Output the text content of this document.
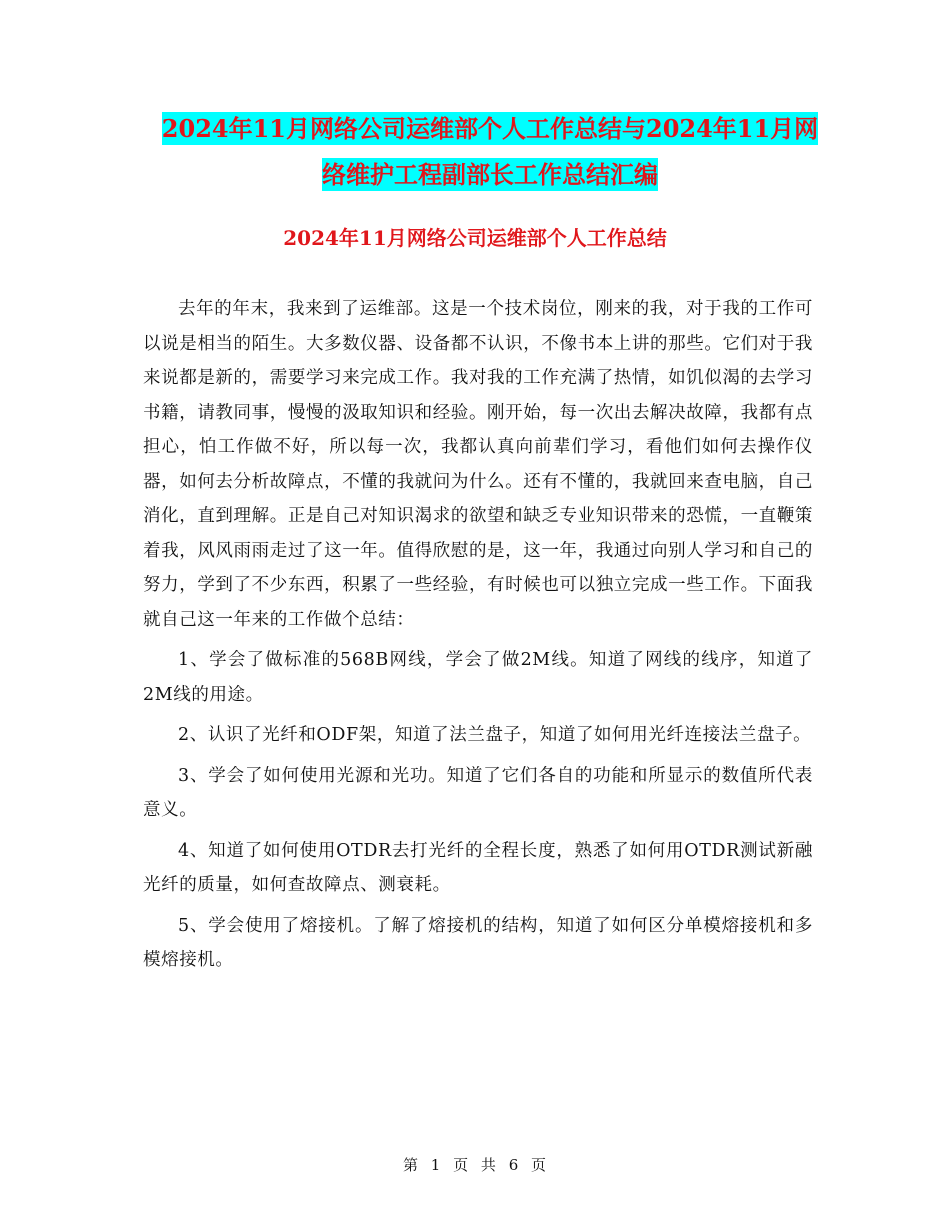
2024年11月网络公司运维部个人工作总结与2024年11月网络维护工程副部长工作总结汇编
2024年11月网络公司运维部个人工作总结

去年的年末，我来到了运维部。这是一个技术岗位，刚来的我，对于我的工作可以说是相当的陌生。大多数仪器、设备都不认识，不像书本上讲的那些。它们对于我来说都是新的，需要学习来完成工作。我对我的工作充满了热情，如饥似渴的去学习书籍，请教同事，慢慢的汲取知识和经验。刚开始，每一次出去解决故障，我都有点担心，怕工作做不好，所以每一次，我都认真向前辈们学习，看他们如何去操作仪器，如何去分析故障点，不懂的我就问为什么。还有不懂的，我就回来查电脑，自己消化，直到理解。正是自己对知识渴求的欲望和缺乏专业知识带来的恐慌，一直鞭策着我，风风雨雨走过了这一年。值得欣慰的是，这一年，我通过向别人学习和自己的努力，学到了不少东西，积累了一些经验，有时候也可以独立完成一些工作。下面我就自己这一年来的工作做个总结：

1、学会了做标准的568B网线，学会了做2M线。知道了网线的线序，知道了2M线的用途。

2、认识了光纤和ODF架，知道了法兰盘子，知道了如何用光纤连接法兰盘子。

3、学会了如何使用光源和光功。知道了它们各自的功能和所显示的数值所代表意义。

4、知道了如何使用OTDR去打光纤的全程长度，熟悉了如何用OTDR测试新融光纤的质量，如何查故障点、测衰耗。

5、学会使用了熔接机。了解了熔接机的结构，知道了如何区分单模熔接机和多模熔接机。

第 1 页 共 6 页
